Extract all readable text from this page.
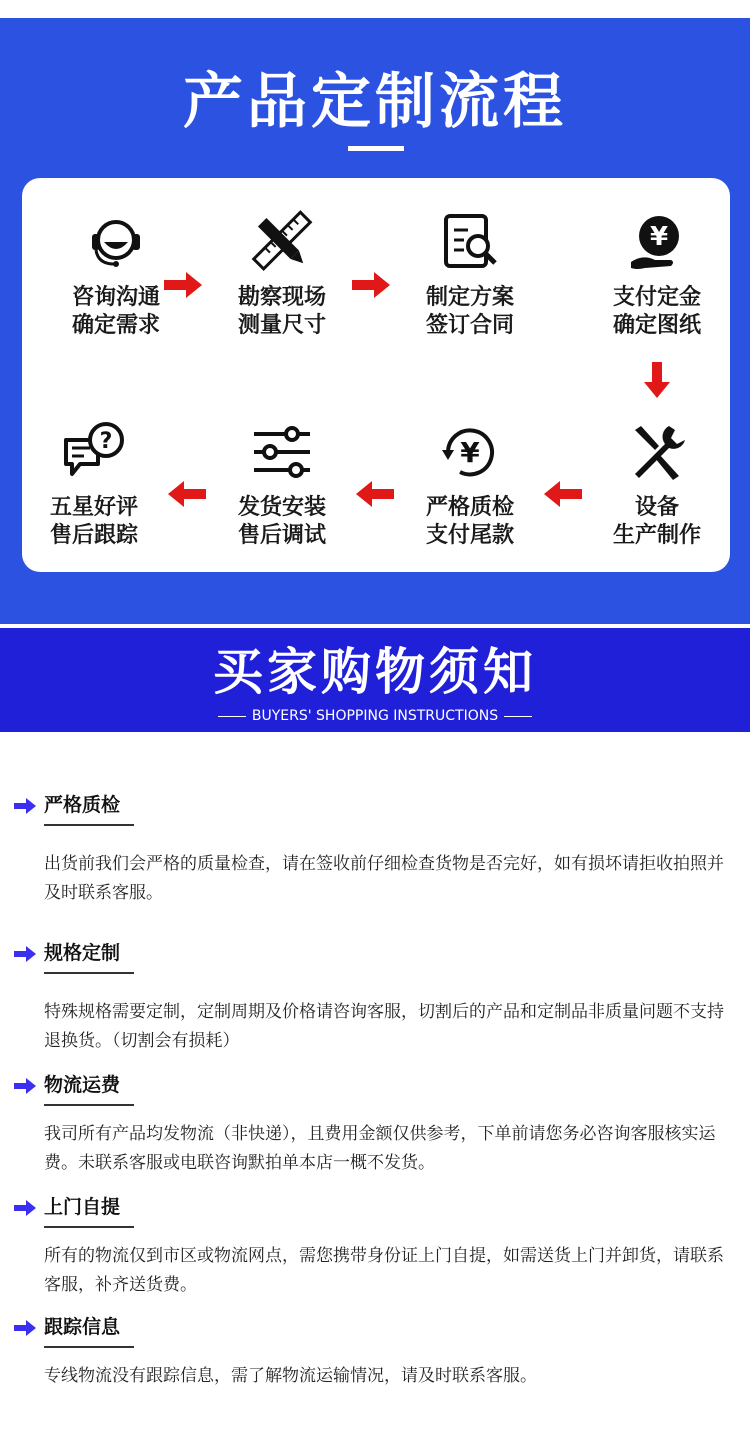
产品定制流程
咨询沟通
确定需求
勘察现场
测量尺寸
制定方案
签订合同
¥
支付定金
确定图纸
设备
生产制作
¥
严格质检
支付尾款
发货安装
售后调试
?
五星好评
售后跟踪
买家购物须知
BUYERS' SHOPPING INSTRUCTIONS
严格质检
出货前我们会严格的质量检查，请在签收前仔细检查货物是否完好，如有损坏请拒收拍照并及时联系客服。
规格定制
特殊规格需要定制，定制周期及价格请咨询客服，切割后的产品和定制品非质量问题不支持退换货。（切割会有损耗）
物流运费
我司所有产品均发物流（非快递），且费用金额仅供参考，下单前请您务必咨询客服核实运费。未联系客服或电联咨询默拍单本店一概不发货。
上门自提
所有的物流仅到市区或物流网点，需您携带身份证上门自提，如需送货上门并卸货，请联系客服，补齐送货费。
跟踪信息
专线物流没有跟踪信息，需了解物流运输情况，请及时联系客服。
